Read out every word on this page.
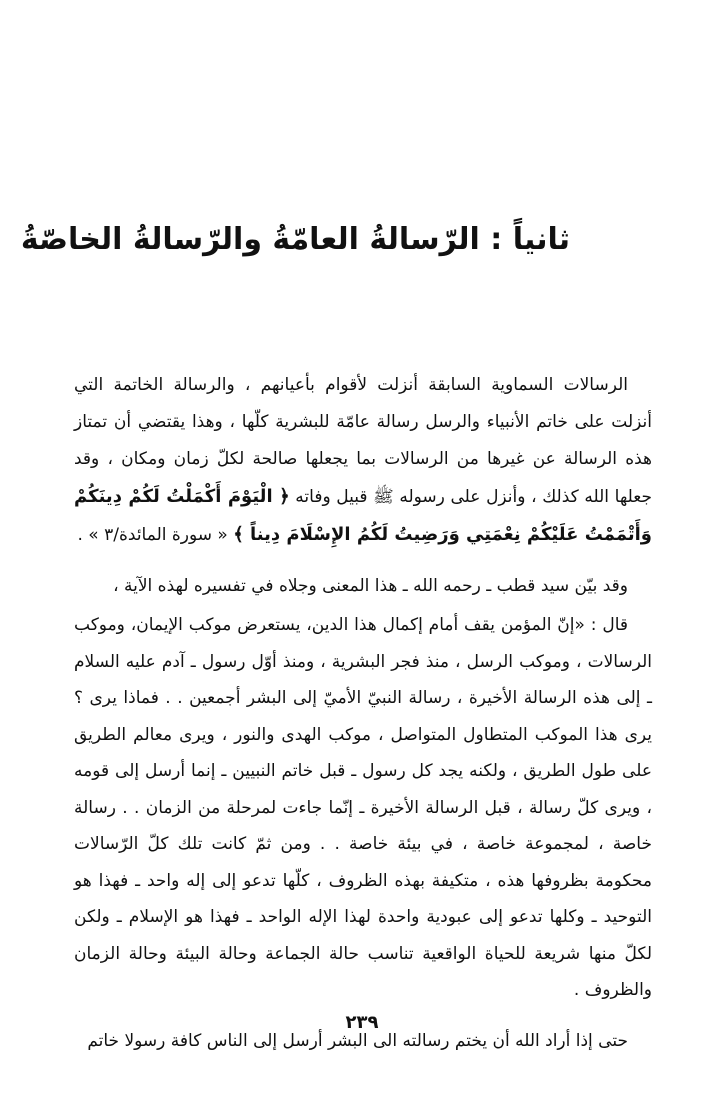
ثانياً : الرّسالةُ العامّةُ والرّسالةُ الخاصّةُ

الرسالات السماوية السابقة أنزلت لأقوام بأعيانهم ، والرسالة الخاتمة التي أنزلت على خاتم الأنبياء والرسل رسالة عامّة للبشرية كلّها ، وهذا يقتضي أن تمتاز هذه الرسالة عن غيرها من الرسالات بما يجعلها صالحة لكلّ زمان ومكان ، وقد جعلها الله كذلك ، وأنزل على رسوله ﷺ قبيل وفاته ﴿ الْيَوْمَ أَكْمَلْتُ لَكُمْ دِينَكُمْ وَأَتْمَمْتُ عَلَيْكُمْ نِعْمَتِي وَرَضِيتُ لَكُمُ الإِسْلَامَ دِيناً ﴾ « سورة المائدة/٣ » .

وقد بيّن سيد قطب ـ رحمه الله ـ هذا المعنى وجلاه في تفسيره لهذه الآية ،

قال : «إنّ المؤمن يقف أمام إكمال هذا الدين، يستعرض موكب الإيمان، وموكب الرسالات ، وموكب الرسل ، منذ فجر البشرية ، ومنذ أوّل رسول ـ آدم عليه السلام ـ إلى هذه الرسالة الأخيرة ، رسالة النبيّ الأميّ إلى البشر أجمعين . . فماذا يرى ؟ يرى هذا الموكب المتطاول المتواصل ، موكب الهدى والنور ، ويرى معالم الطريق على طول الطريق ، ولكنه يجد كل رسول ـ قبل خاتم النبيين ـ إنما أرسل إلى قومه ، ويرى كلّ رسالة ، قبل الرسالة الأخيرة ـ إنّما جاءت لمرحلة من الزمان . . رسالة خاصة ، لمجموعة خاصة ، في بيئة خاصة . . ومن ثمّ كانت تلك كلّ الرّسالات محكومة بظروفها هذه ، متكيفة بهذه الظروف ، كلّها تدعو إلى إله واحد ـ فهذا هو التوحيد ـ وكلها تدعو إلى عبودية واحدة لهذا الإله الواحد ـ فهذا هو الإسلام ـ ولكن لكلّ منها شريعة للحياة الواقعية تناسب حالة الجماعة وحالة البيئة وحالة الزمان والظروف .

حتى إذا أراد الله أن يختم رسالته الى البشر أرسل إلى الناس كافة رسولا خاتم

٢٣٩
